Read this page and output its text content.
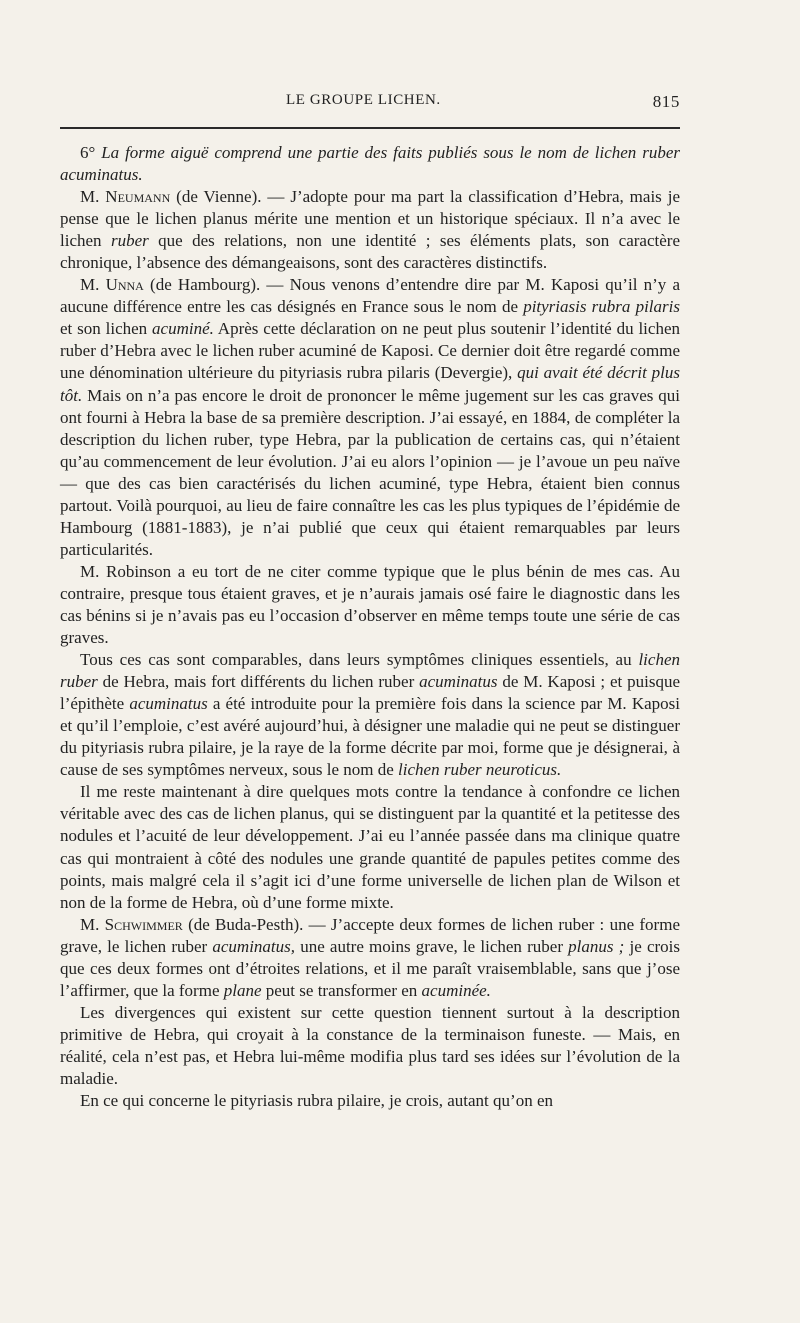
LE GROUPE LICHEN.	815

6° La forme aiguë comprend une partie des faits publiés sous le nom de lichen ruber acuminatus.

M. Neumann (de Vienne). — J’adopte pour ma part la classification d’Hebra, mais je pense que le lichen planus mérite une mention et un historique spéciaux. Il n’a avec le lichen ruber que des relations, non une identité ; ses éléments plats, son caractère chronique, l’absence des démangeaisons, sont des caractères distinctifs.

M. Unna (de Hambourg). — Nous venons d’entendre dire par M. Kaposi qu’il n’y a aucune différence entre les cas désignés en France sous le nom de pityriasis rubra pilaris et son lichen acuminé. Après cette déclaration on ne peut plus soutenir l’identité du lichen ruber d’Hebra avec le lichen ruber acuminé de Kaposi. Ce dernier doit être regardé comme une dénomination ultérieure du pityriasis rubra pilaris (Devergie), qui avait été décrit plus tôt. Mais on n’a pas encore le droit de prononcer le même jugement sur les cas graves qui ont fourni à Hebra la base de sa première description. J’ai essayé, en 1884, de compléter la description du lichen ruber, type Hebra, par la publication de certains cas, qui n’étaient qu’au commencement de leur évolution. J’ai eu alors l’opinion — je l’avoue un peu naïve — que des cas bien caractérisés du lichen acuminé, type Hebra, étaient bien connus partout. Voilà pourquoi, au lieu de faire connaître les cas les plus typiques de l’épidémie de Hambourg (1881-1883), je n’ai publié que ceux qui étaient remarquables par leurs particularités.

M. Robinson a eu tort de ne citer comme typique que le plus bénin de mes cas. Au contraire, presque tous étaient graves, et je n’aurais jamais osé faire le diagnostic dans les cas bénins si je n’avais pas eu l’occasion d’observer en même temps toute une série de cas graves.

Tous ces cas sont comparables, dans leurs symptômes cliniques essentiels, au lichen ruber de Hebra, mais fort différents du lichen ruber acuminatus de M. Kaposi ; et puisque l’épithète acuminatus a été introduite pour la première fois dans la science par M. Kaposi et qu’il l’emploie, c’est avéré aujourd’hui, à désigner une maladie qui ne peut se distinguer du pityriasis rubra pilaire, je la raye de la forme décrite par moi, forme que je désignerai, à cause de ses symptômes nerveux, sous le nom de lichen ruber neuroticus.

Il me reste maintenant à dire quelques mots contre la tendance à confondre ce lichen véritable avec des cas de lichen planus, qui se distinguent par la quantité et la petitesse des nodules et l’acuité de leur développement. J’ai eu l’année passée dans ma clinique quatre cas qui montraient à côté des nodules une grande quantité de papules petites comme des points, mais malgré cela il s’agit ici d’une forme universelle de lichen plan de Wilson et non de la forme de Hebra, où d’une forme mixte.

M. Schwimmer (de Buda-Pesth). — J’accepte deux formes de lichen ruber : une forme grave, le lichen ruber acuminatus, une autre moins grave, le lichen ruber planus ; je crois que ces deux formes ont d’étroites relations, et il me paraît vraisemblable, sans que j’ose l’affirmer, que la forme plane peut se transformer en acuminée.

Les divergences qui existent sur cette question tiennent surtout à la description primitive de Hebra, qui croyait à la constance de la terminaison funeste. — Mais, en réalité, cela n’est pas, et Hebra lui-même modifia plus tard ses idées sur l’évolution de la maladie.

En ce qui concerne le pityriasis rubra pilaire, je crois, autant qu’on en
